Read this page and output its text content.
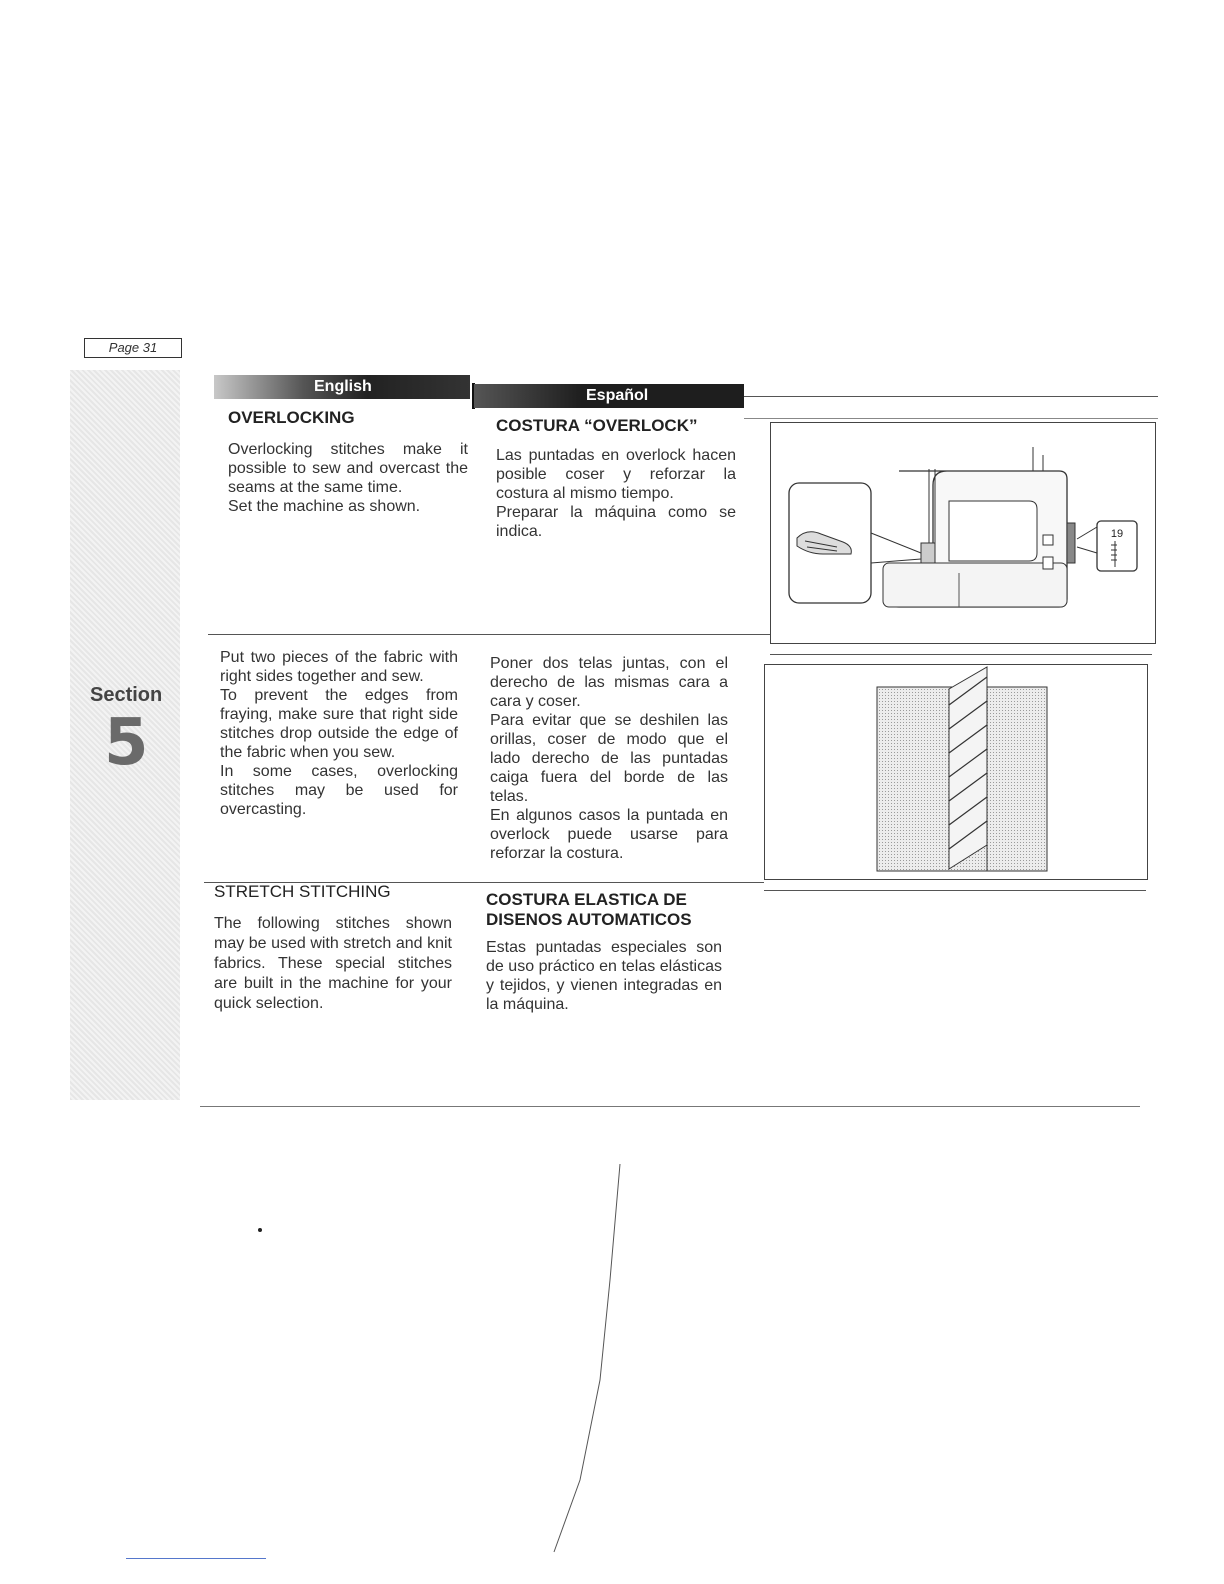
Page 31
Section
5
English
Español
OVERLOCKING

Overlocking stitches make it possible to sew and overcast the seams at the same time.

Set the machine as shown.

COSTURA “OVERLOCK”

Las puntadas en overlock hacen posible coser y reforzar la costura al mismo tiempo.

Preparar la máquina como se indica.	19

Put two pieces of the fabric with right sides together and sew.

To prevent the edges from fraying, make sure that right side stitches drop outside the edge of the fabric when you sew.

In some cases, overlocking stitches may be used for overcasting.

Poner dos telas juntas, con el derecho de las mismas cara a cara y coser.

Para evitar que se deshilen las orillas, coser de modo que el lado derecho de las puntadas caiga fuera del borde de las telas.

En algunos casos la puntada en overlock puede usarse para reforzar la costura.

STRETCH STITCHING

The following stitches shown may be used with stretch and knit fabrics. These special stitches are built in the machine for your quick selection.

COSTURA ELASTICA DE
DISENOS AUTOMATICOS

Estas puntadas especiales son de uso práctico en telas elásticas y tejidos, y vienen integradas en la máquina.
